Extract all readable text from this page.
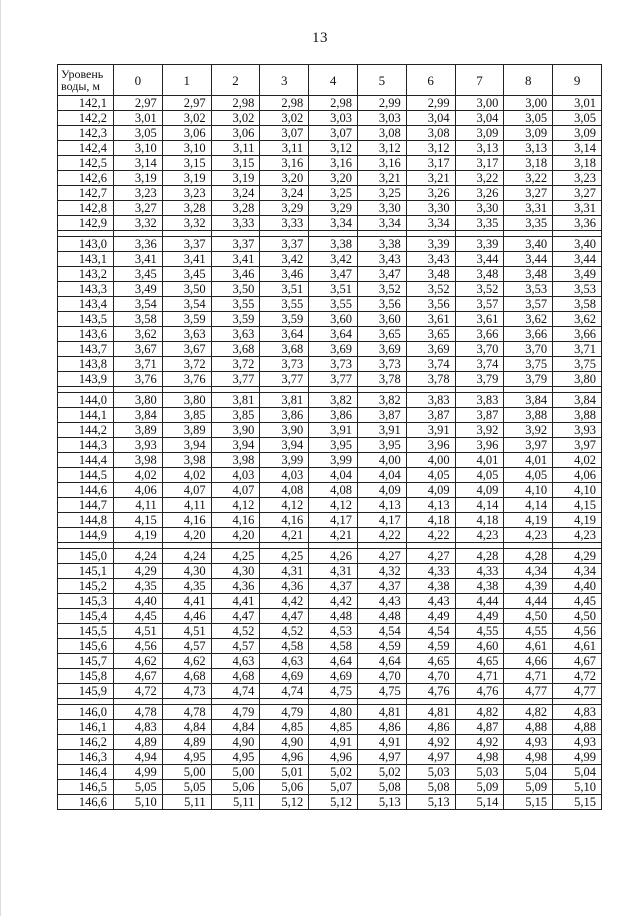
13
Уровень воды, м	0	1	2	3	4	5	6	7	8	9
142,1	2,97	2,97	2,98	2,98	2,98	2,99	2,99	3,00	3,00	3,01
142,2	3,01	3,02	3,02	3,02	3,03	3,03	3,04	3,04	3,05	3,05
142,3	3,05	3,06	3,06	3,07	3,07	3,08	3,08	3,09	3,09	3,09
142,4	3,10	3,10	3,11	3,11	3,12	3,12	3,12	3,13	3,13	3,14
142,5	3,14	3,15	3,15	3,16	3,16	3,16	3,17	3,17	3,18	3,18
142,6	3,19	3,19	3,19	3,20	3,20	3,21	3,21	3,22	3,22	3,23
142,7	3,23	3,23	3,24	3,24	3,25	3,25	3,26	3,26	3,27	3,27
142,8	3,27	3,28	3,28	3,29	3,29	3,30	3,30	3,30	3,31	3,31
142,9	3,32	3,32	3,33	3,33	3,34	3,34	3,34	3,35	3,35	3,36

143,0	3,36	3,37	3,37	3,37	3,38	3,38	3,39	3,39	3,40	3,40
143,1	3,41	3,41	3,41	3,42	3,42	3,43	3,43	3,44	3,44	3,44
143,2	3,45	3,45	3,46	3,46	3,47	3,47	3,48	3,48	3,48	3,49
143,3	3,49	3,50	3,50	3,51	3,51	3,52	3,52	3,52	3,53	3,53
143,4	3,54	3,54	3,55	3,55	3,55	3,56	3,56	3,57	3,57	3,58
143,5	3,58	3,59	3,59	3,59	3,60	3,60	3,61	3,61	3,62	3,62
143,6	3,62	3,63	3,63	3,64	3,64	3,65	3,65	3,66	3,66	3,66
143,7	3,67	3,67	3,68	3,68	3,69	3,69	3,69	3,70	3,70	3,71
143,8	3,71	3,72	3,72	3,73	3,73	3,73	3,74	3,74	3,75	3,75
143,9	3,76	3,76	3,77	3,77	3,77	3,78	3,78	3,79	3,79	3,80

144,0	3,80	3,80	3,81	3,81	3,82	3,82	3,83	3,83	3,84	3,84
144,1	3,84	3,85	3,85	3,86	3,86	3,87	3,87	3,87	3,88	3,88
144,2	3,89	3,89	3,90	3,90	3,91	3,91	3,91	3,92	3,92	3,93
144,3	3,93	3,94	3,94	3,94	3,95	3,95	3,96	3,96	3,97	3,97
144,4	3,98	3,98	3,98	3,99	3,99	4,00	4,00	4,01	4,01	4,02
144,5	4,02	4,02	4,03	4,03	4,04	4,04	4,05	4,05	4,05	4,06
144,6	4,06	4,07	4,07	4,08	4,08	4,09	4,09	4,09	4,10	4,10
144,7	4,11	4,11	4,12	4,12	4,12	4,13	4,13	4,14	4,14	4,15
144,8	4,15	4,16	4,16	4,16	4,17	4,17	4,18	4,18	4,19	4,19
144,9	4,19	4,20	4,20	4,21	4,21	4,22	4,22	4,23	4,23	4,23

145,0	4,24	4,24	4,25	4,25	4,26	4,27	4,27	4,28	4,28	4,29
145,1	4,29	4,30	4,30	4,31	4,31	4,32	4,33	4,33	4,34	4,34
145,2	4,35	4,35	4,36	4,36	4,37	4,37	4,38	4,38	4,39	4,40
145,3	4,40	4,41	4,41	4,42	4,42	4,43	4,43	4,44	4,44	4,45
145,4	4,45	4,46	4,47	4,47	4,48	4,48	4,49	4,49	4,50	4,50
145,5	4,51	4,51	4,52	4,52	4,53	4,54	4,54	4,55	4,55	4,56
145,6	4,56	4,57	4,57	4,58	4,58	4,59	4,59	4,60	4,61	4,61
145,7	4,62	4,62	4,63	4,63	4,64	4,64	4,65	4,65	4,66	4,67
145,8	4,67	4,68	4,68	4,69	4,69	4,70	4,70	4,71	4,71	4,72
145,9	4,72	4,73	4,74	4,74	4,75	4,75	4,76	4,76	4,77	4,77

146,0	4,78	4,78	4,79	4,79	4,80	4,81	4,81	4,82	4,82	4,83
146,1	4,83	4,84	4,84	4,85	4,85	4,86	4,86	4,87	4,88	4,88
146,2	4,89	4,89	4,90	4,90	4,91	4,91	4,92	4,92	4,93	4,93
146,3	4,94	4,95	4,95	4,96	4,96	4,97	4,97	4,98	4,98	4,99
146,4	4,99	5,00	5,00	5,01	5,02	5,02	5,03	5,03	5,04	5,04
146,5	5,05	5,05	5,06	5,06	5,07	5,08	5,08	5,09	5,09	5,10
146,6	5,10	5,11	5,11	5,12	5,12	5,13	5,13	5,14	5,15	5,15
